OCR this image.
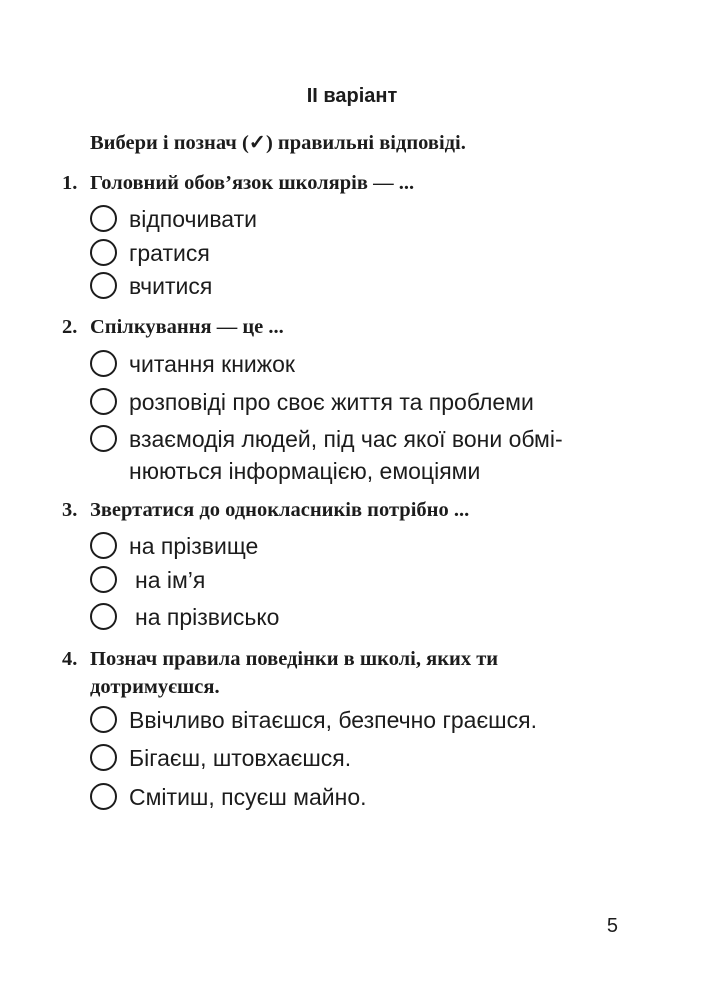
II варіант
Вибери і познач (✓) правильні відповіді.
1. Головний обов’язок школярів — ...
відпочивати
гратися
вчитися
2. Спілкування — це ...
читання книжок
розповіді про своє життя та проблеми
взаємодія людей, під час якої вони обмі-
нюються інформацією, емоціями
3. Звертатися до однокласників потрібно ...
на прізвище
на ім’я
на прізвисько
4. Познач правила поведінки в школі, яких ти дотримуєшся.
Ввічливо вітаєшся, безпечно граєшся.
Бігаєш, штовхаєшся.
Смітиш, псуєш майно.
5
